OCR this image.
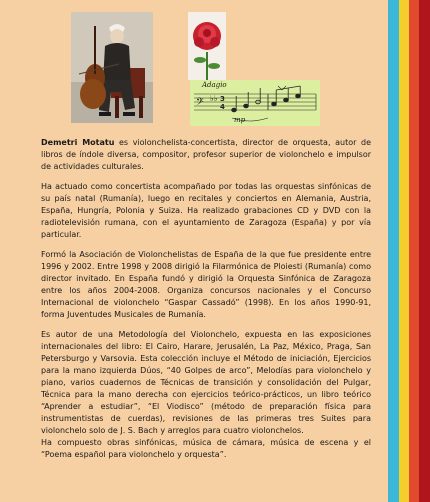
Adagio
𝄢 ♭♭ 3
4
mp

Demetri Motatu es violonchelista-concertista, director de orquesta, autor de libros de índole diversa, compositor, profesor superior de violonchelo e impulsor de actividades culturales.

Ha actuado como concertista acompañado por todas las orquestas sinfónicas de su país natal (Rumanía), luego en recitales y conciertos en Alemania, Austria, España, Hungría, Polonia y Suiza. Ha realizado grabaciones CD y DVD con la radiotelevisión rumana, con el ayuntamiento de Zaragoza (España) y por vía particular.

Formó la Asociación de Violonchelistas de España de la que fue presidente entre 1996 y 2002. Entre 1998 y 2008 dirigió la Filarmónica de Ploiesti (Rumanía) como director invitado. En España fundó y dirigió la Orquesta Sinfónica de Zaragoza entre los años 2004-2008. Organiza concursos nacionales y el Concurso Internacional de violonchelo “Gaspar Cassadó” (1998). En los años 1990-91, forma Juventudes Musicales de Rumanía.

Es autor de una Metodología del Violonchelo, expuesta en las exposiciones internacionales del libro: El Cairo, Harare, Jerusalén, La Paz, México, Praga, San Petersburgo y Varsovia. Esta colección incluye el Método de iniciación, Ejercicios para la mano izquierda Dúos, “40 Golpes de arco”, Melodías para violonchelo y piano, varios cuadernos de Técnicas de transición y consolidación del Pulgar, Técnica para la mano derecha con ejercicios teórico-prácticos, un libro teórico “Aprender a estudiar”, “El Viodisco” (método de preparación física para instrumentistas de cuerdas), revisiones de las primeras tres Suites para violonchelo solo de J. S. Bach y arreglos para cuatro violonchelos.

Ha compuesto obras sinfónicas, música de cámara, música de escena y el “Poema español para violonchelo y orquesta”.
